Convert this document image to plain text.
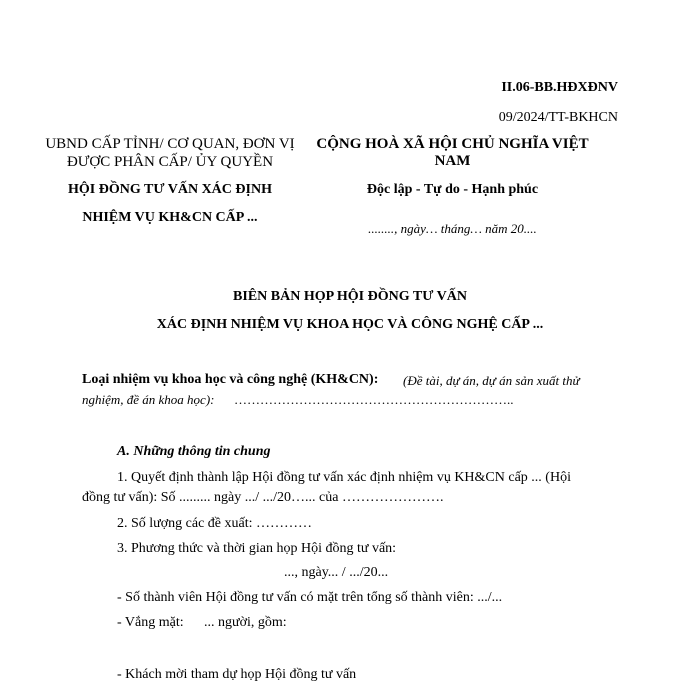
II.06-BB.HĐXĐNV
09/2024/TT-BKHCN
UBND CẤP TỈNH/ CƠ QUAN, ĐƠN VỊ
ĐƯỢC PHÂN CẤP/ ỦY QUYỀN
HỘI ĐỒNG TƯ VẤN XÁC ĐỊNH
NHIỆM VỤ KH&CN CẤP ...
CỘNG HOÀ XÃ HỘI CHỦ NGHĨA VIỆT
NAM
Độc lập - Tự do - Hạnh phúc
........, ngày… tháng… năm 20....
BIÊN BẢN HỌP HỘI ĐỒNG TƯ VẤN
XÁC ĐỊNH NHIỆM VỤ KHOA HỌC VÀ CÔNG NGHỆ CẤP ...
Loại nhiệm vụ khoa học và công nghệ (KH&CN): (Đề tài, dự án, dự án sản xuất thử
nghiệm, đề án khoa học): ………………………………………………………..
A. Những thông tin chung
1. Quyết định thành lập Hội đồng tư vấn xác định nhiệm vụ KH&CN cấp ... (Hội
đồng tư vấn): Số ......... ngày .../ .../20…... của ………………….
2. Số lượng các đề xuất: …………
3. Phương thức và thời gian họp Hội đồng tư vấn:
..., ngày... / .../20...
- Số thành viên Hội đồng tư vấn có mặt trên tổng số thành viên: .../...
- Vắng mặt: ... người, gồm:
- Khách mời tham dự họp Hội đồng tư vấn
